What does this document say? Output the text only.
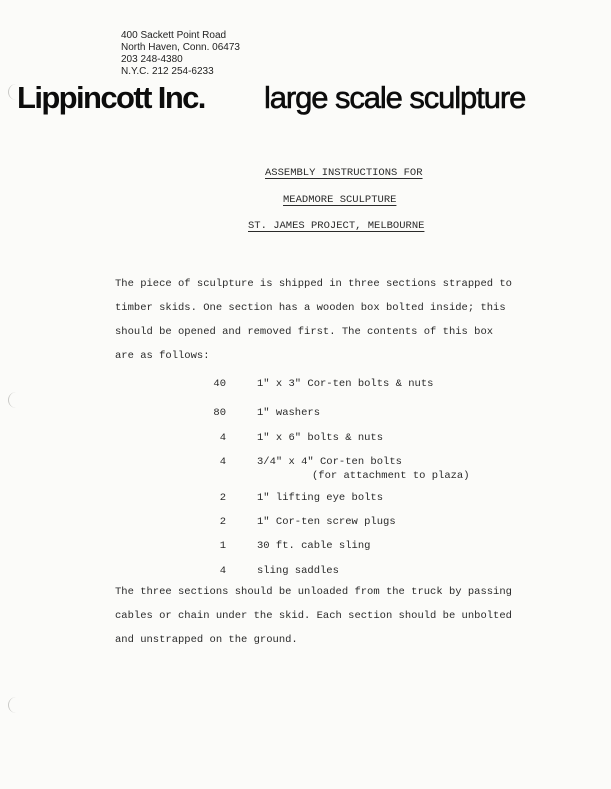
400 Sackett Point Road
North Haven, Conn. 06473
203 248-4380
N.Y.C. 212 254-6233
Lippincott Inc. large scale sculpture
ASSEMBLY INSTRUCTIONS FOR
MEADMORE SCULPTURE
ST. JAMES PROJECT, MELBOURNE
The piece of sculpture is shipped in three sections strapped to
timber skids. One section has a wooden box bolted inside; this
should be opened and removed first. The contents of this box
are as follows:
40	1" x 3" Cor-ten bolts & nuts
80	1" washers
4	1" x 6" bolts & nuts
4	3/4" x 4" Cor-ten bolts
(for attachment to plaza)
2	1" lifting eye bolts
2	1" Cor-ten screw plugs
1	30 ft. cable sling
4	sling saddles
The three sections should be unloaded from the truck by passing
cables or chain under the skid. Each section should be unbolted
and unstrapped on the ground.
